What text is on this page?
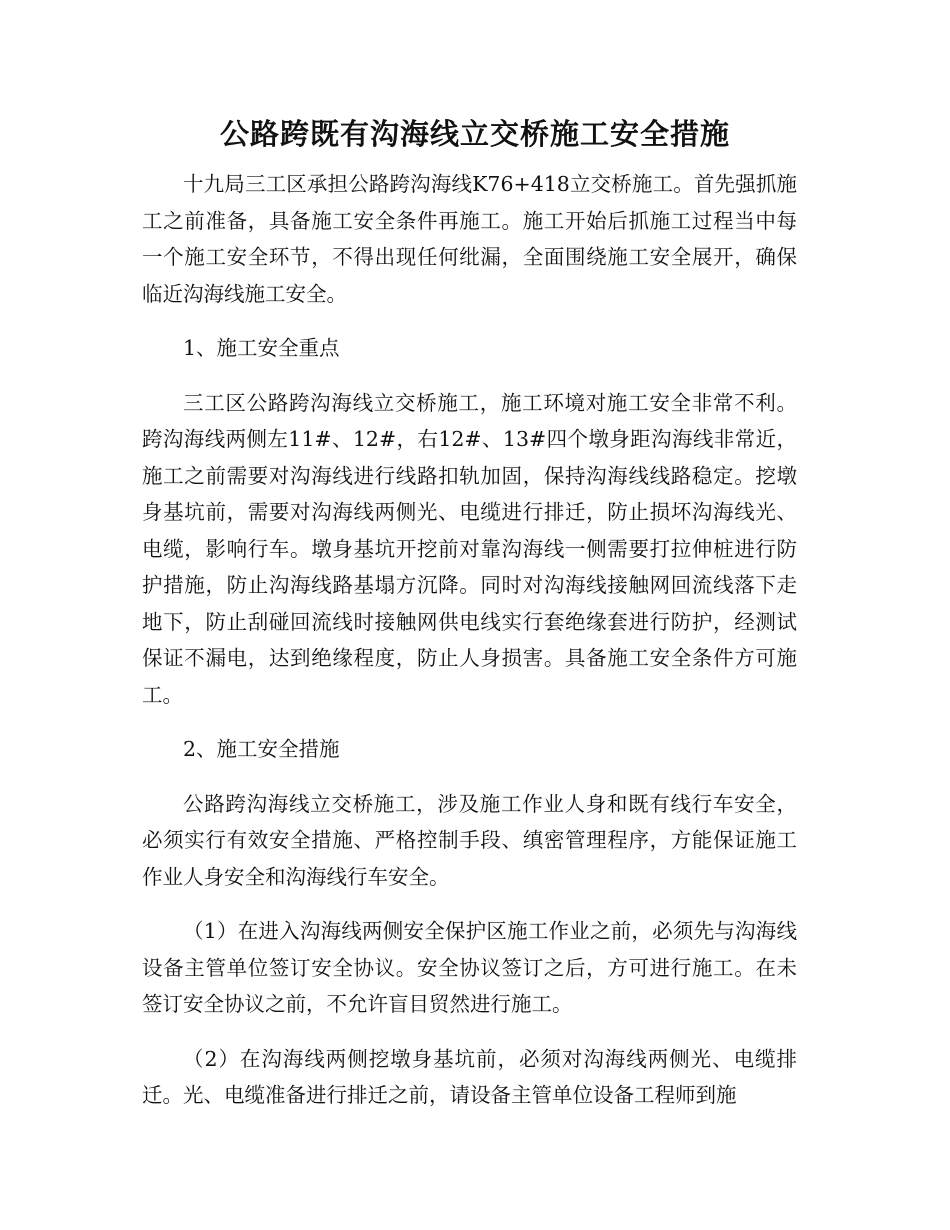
公路跨既有沟海线立交桥施工安全措施

十九局三工区承担公路跨沟海线K76+418立交桥施工。首先强抓施工之前准备，具备施工安全条件再施工。施工开始后抓施工过程当中每一个施工安全环节，不得出现任何纰漏，全面围绕施工安全展开，确保临近沟海线施工安全。

1、施工安全重点

三工区公路跨沟海线立交桥施工，施工环境对施工安全非常不利。跨沟海线两侧左11#、12#，右12#、13#四个墩身距沟海线非常近，施工之前需要对沟海线进行线路扣轨加固，保持沟海线线路稳定。挖墩身基坑前，需要对沟海线两侧光、电缆进行排迁，防止损坏沟海线光、电缆，影响行车。墩身基坑开挖前对靠沟海线一侧需要打拉伸桩进行防护措施，防止沟海线路基塌方沉降。同时对沟海线接触网回流线落下走地下，防止刮碰回流线时接触网供电线实行套绝缘套进行防护，经测试保证不漏电，达到绝缘程度，防止人身损害。具备施工安全条件方可施工。

2、施工安全措施

公路跨沟海线立交桥施工，涉及施工作业人身和既有线行车安全，必须实行有效安全措施、严格控制手段、缜密管理程序，方能保证施工作业人身安全和沟海线行车安全。

（1）在进入沟海线两侧安全保护区施工作业之前，必须先与沟海线设备主管单位签订安全协议。安全协议签订之后，方可进行施工。在未签订安全协议之前，不允许盲目贸然进行施工。

（2）在沟海线两侧挖墩身基坑前，必须对沟海线两侧光、电缆排迁。光、电缆准备进行排迁之前，请设备主管单位设备工程师到施
